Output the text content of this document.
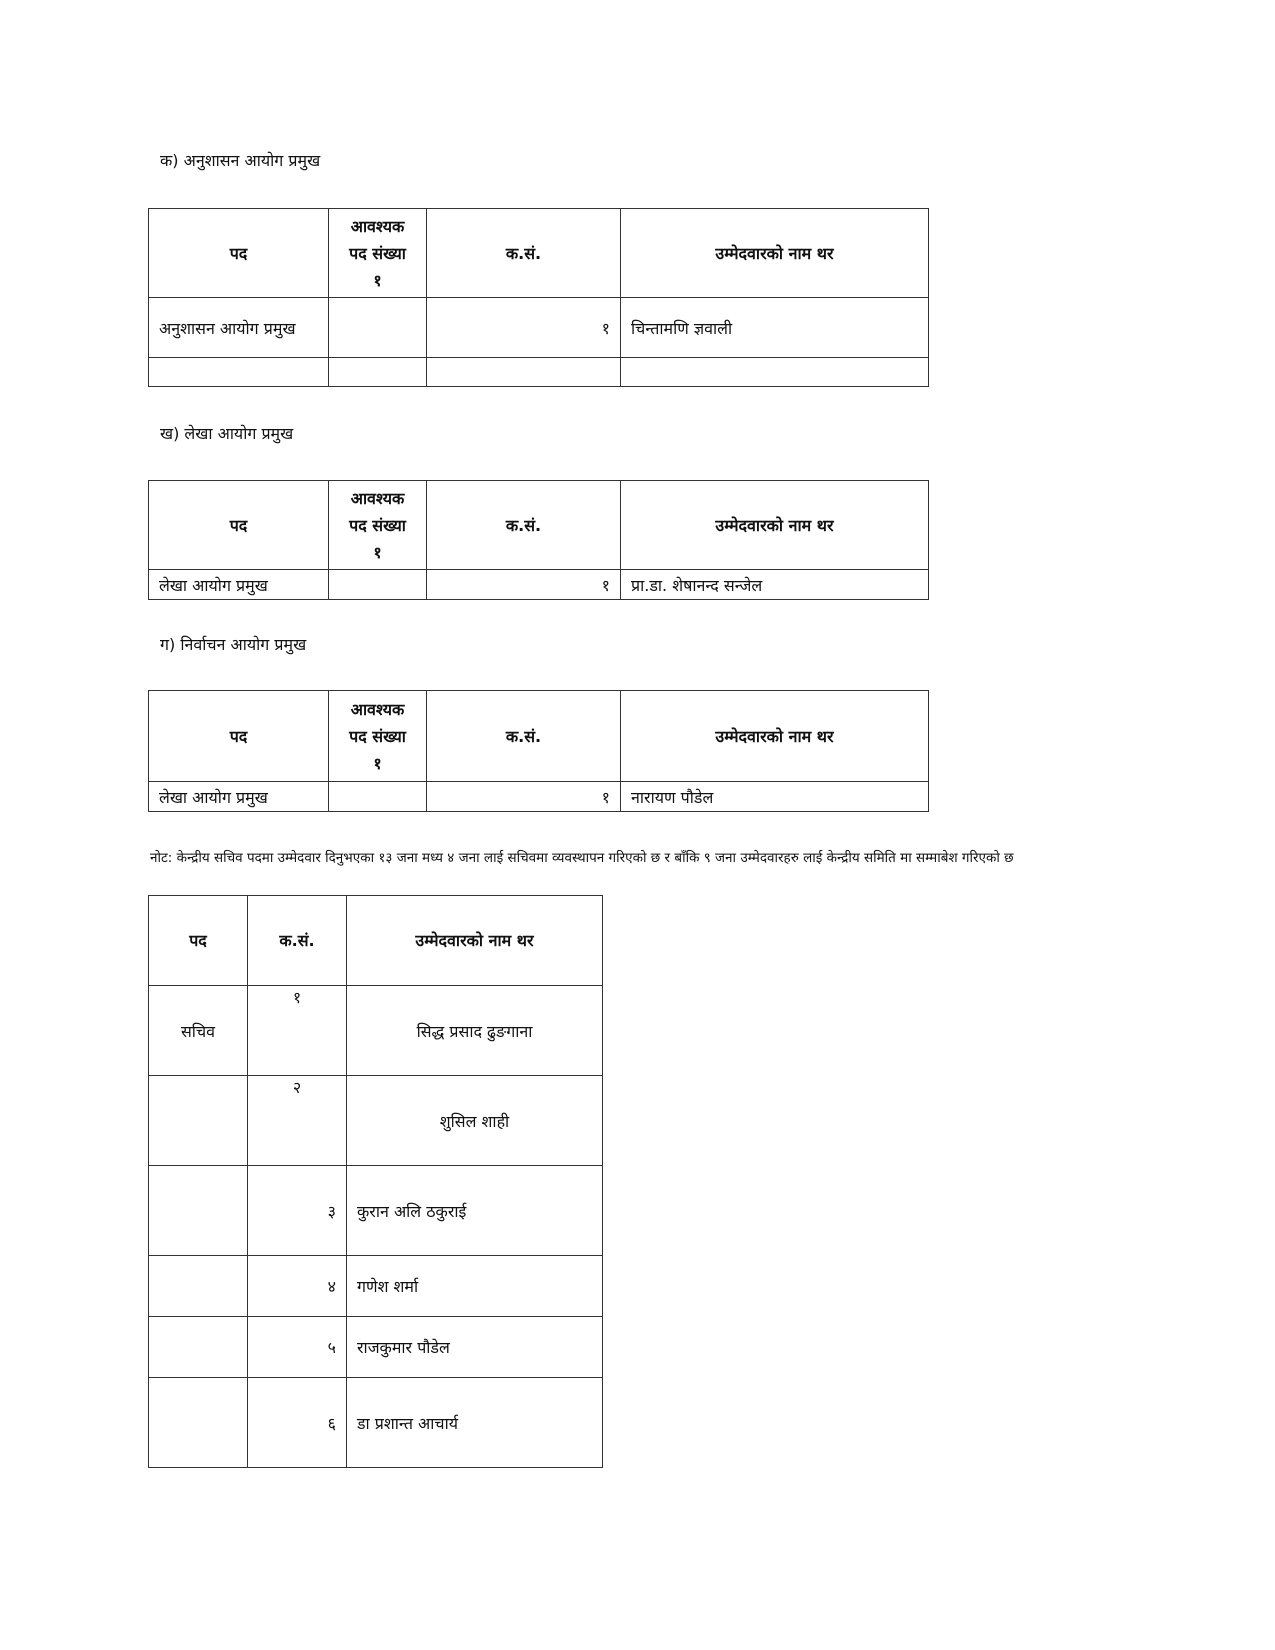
क) अनुशासन आयोग प्रमुख
पद	आवश्यक
पद संख्या
१	क.सं.	उम्मेदवारको नाम थर
अनुशासन आयोग प्रमुख		१	चिन्तामणि ज्ञवाली

ख) लेखा आयोग प्रमुख
पद	आवश्यक
पद संख्या
१	क.सं.	उम्मेदवारको नाम थर
लेखा आयोग प्रमुख		१	प्रा.डा. शेषानन्द सन्जेल
ग) निर्वाचन आयोग प्रमुख
पद	आवश्यक
पद संख्या
१	क.सं.	उम्मेदवारको नाम थर
लेखा आयोग प्रमुख		१	नारायण पौडेल
नोट: केन्द्रीय सचिव पदमा उम्मेदवार दिनुभएका १३ जना मध्य ४ जना लाई सचिवमा व्यवस्थापन गरिएको छ र बाँकि ९ जना उम्मेदवारहरु लाई केन्द्रीय समिति मा सम्माबेश गरिएको छ
पद	क.सं.	उम्मेदवारको नाम थर
सचिव	१	सिद्ध प्रसाद ढुङगाना
	२	शुसिल शाही
	३	कुरान अलि ठकुराई
	४	गणेश शर्मा
	५	राजकुमार पौडेल
	६	डा प्रशान्त आचार्य
